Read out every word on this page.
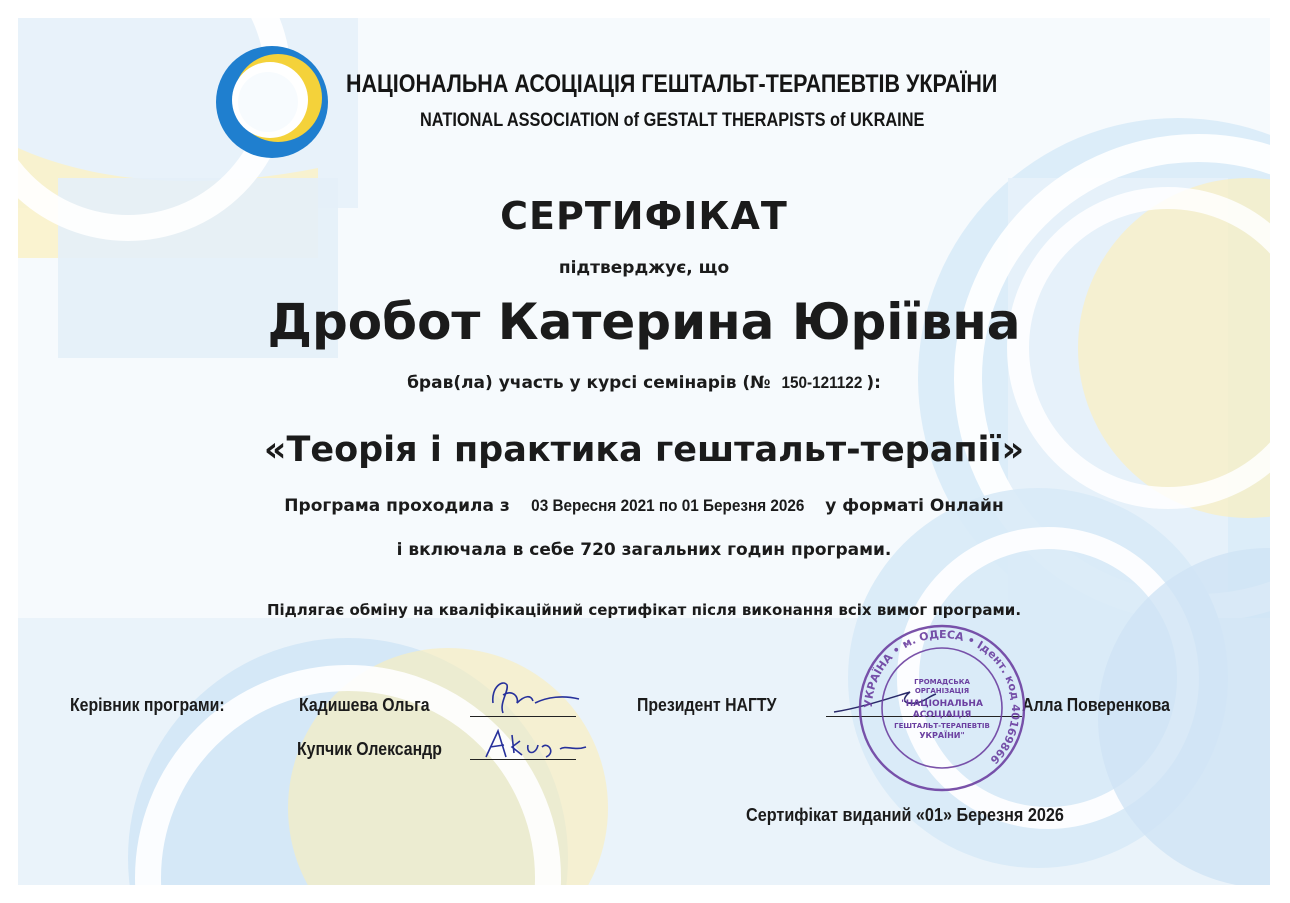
НАЦІОНАЛЬНА АСОЦІАЦІЯ ГЕШТАЛЬТ-ТЕРАПЕВТІВ УКРАЇНИ
NATIONAL ASSOCIATION of GESTALT THERAPISTS of UKRAINE
СЕРТИФІКАТ
підтверджує, що
Дробот Катерина Юріївна
брав(ла) участь у курсі семінарів (№ 150-121122 ):
«Теорія і практика гештальт-терапії»
Програма проходила з 03 Вересня 2021 по 01 Березня 2026 у форматі Онлайн
і включала в себе 720 загальних годин програми.
Підлягає обміну на кваліфікаційний сертифікат після виконання всіх вимог програми.
Керівник програми:	Кадишева Ольга
Купчик Олександр
Президент НАГТУ	Алла Поверенкова
УКРАЇНА • м. ОДЕСА • Ідент. код 40169866
ГРОМАДСЬКА
ОРГАНІЗАЦІЯ
"НАЦІОНАЛЬНА
АСОЦІАЦІЯ
ГЕШТАЛЬТ-ТЕРАПЕВТІВ
УКРАЇНИ"
Сертифікат виданий «01» Березня 2026
